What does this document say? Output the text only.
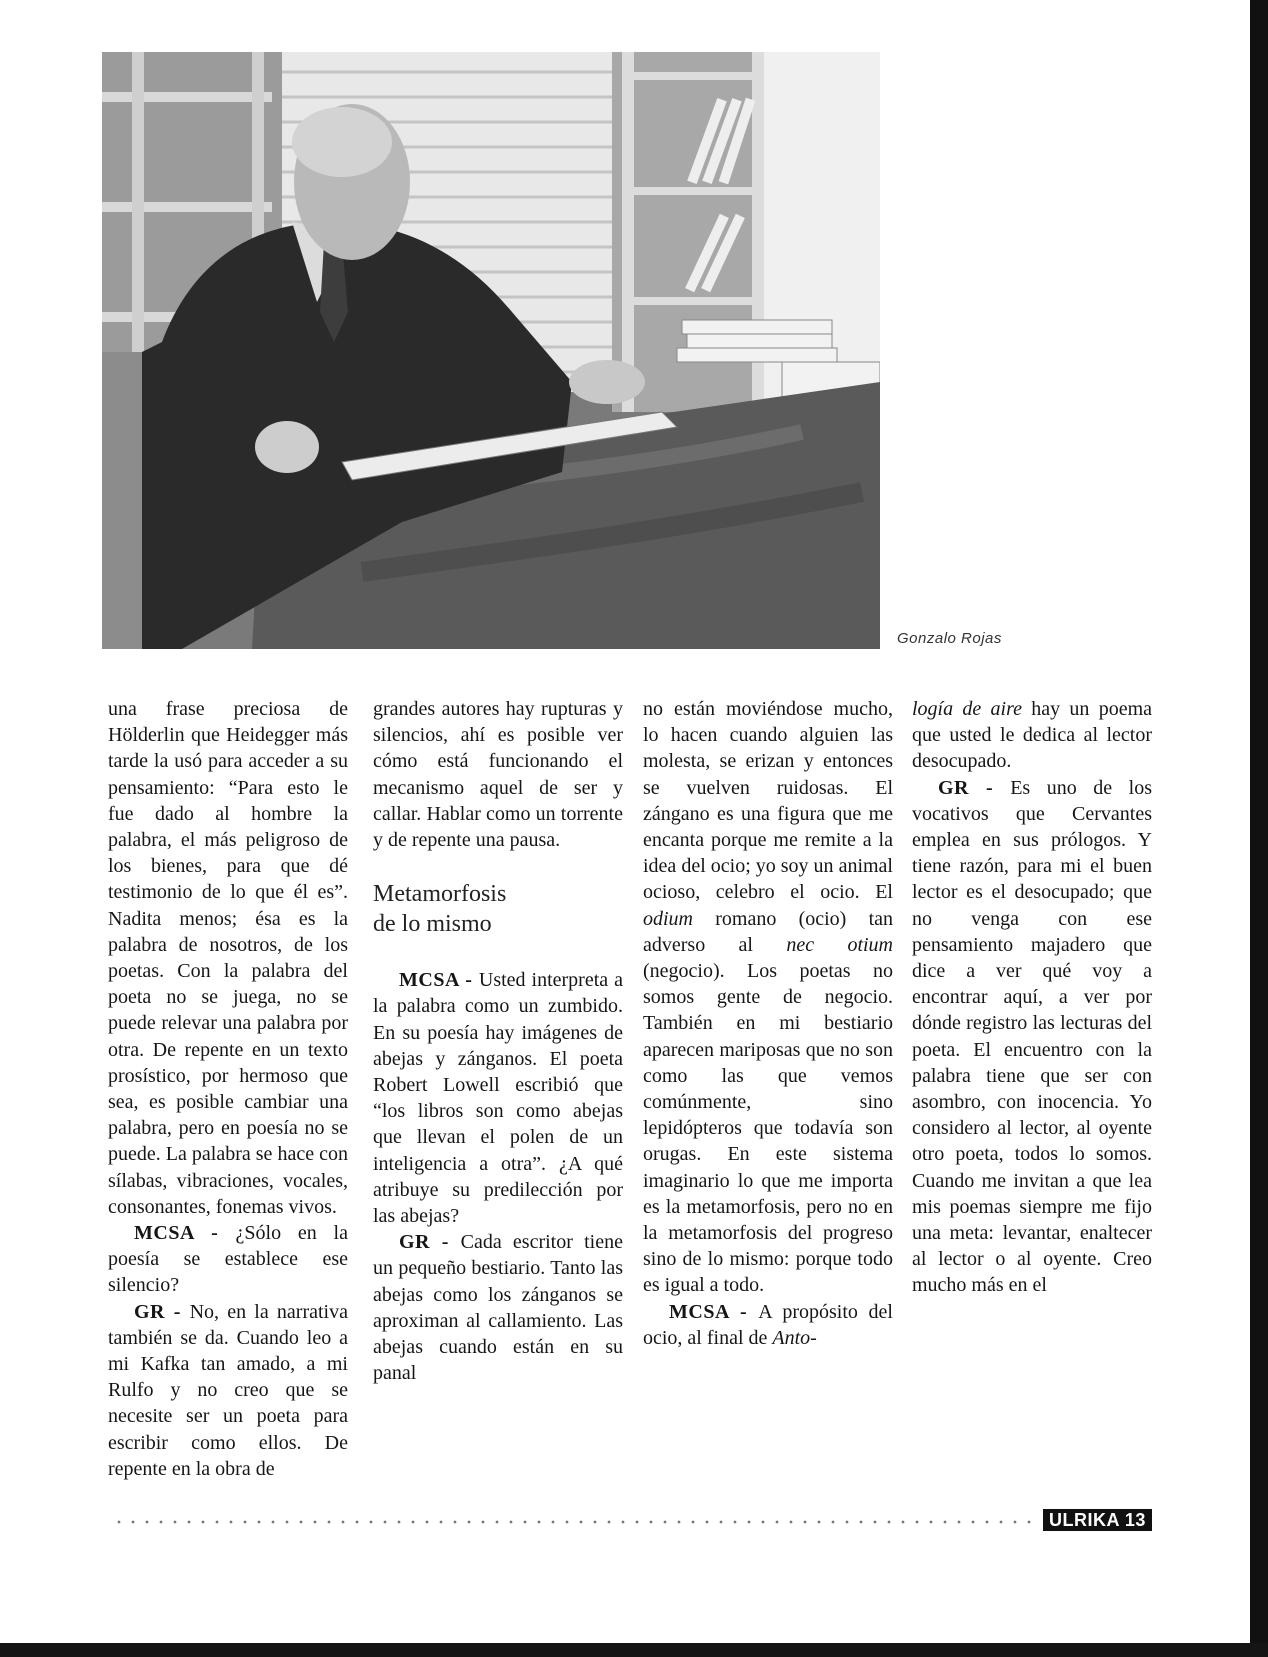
Gonzalo Rojas

una frase preciosa de Hölderlin que Heidegger más tarde la usó para acceder a su pensamiento: “Para esto le fue dado al hombre la palabra, el más peligroso de los bienes, para que dé testimonio de lo que él es”. Nadita menos; ésa es la palabra de nosotros, de los poetas. Con la palabra del poeta no se juega, no se puede relevar una palabra por otra. De repente en un texto prosístico, por hermoso que sea, es posible cambiar una palabra, pero en poesía no se puede. La palabra se hace con sílabas, vibraciones, vocales, consonantes, fonemas vivos.

MCSA - ¿Sólo en la poesía se establece ese silencio?

GR - No, en la narrativa también se da. Cuando leo a mi Kafka tan amado, a mi Rulfo y no creo que se necesite ser un poeta para escribir como ellos. De repente en la obra de

grandes autores hay rupturas y silencios, ahí es posible ver cómo está funcionando el mecanismo aquel de ser y callar. Hablar como un torrente y de repente una pausa.

Metamorfosis
de lo mismo

MCSA - Usted interpreta a la palabra como un zumbido. En su poesía hay imágenes de abejas y zánganos. El poeta Robert Lowell escribió que “los libros son como abejas que llevan el polen de un inteligencia a otra”. ¿A qué atribuye su predilección por las abejas?

GR - Cada escritor tiene un pequeño bestiario. Tanto las abejas como los zánganos se aproximan al callamiento. Las abejas cuando están en su panal

no están moviéndose mucho, lo hacen cuando alguien las molesta, se erizan y entonces se vuelven ruidosas. El zángano es una figura que me encanta porque me remite a la idea del ocio; yo soy un animal ocioso, celebro el ocio. El odium romano (ocio) tan adverso al nec otium (negocio). Los poetas no somos gente de negocio. También en mi bestiario aparecen mariposas que no son como las que vemos comúnmente, sino lepidópteros que todavía son orugas. En este sistema imaginario lo que me importa es la metamorfosis, pero no en la metamorfosis del progreso sino de lo mismo: porque todo es igual a todo.

MCSA - A propósito del ocio, al final de Anto-

logía de aire hay un poema que usted le dedica al lector desocupado.

GR - Es uno de los vocativos que Cervantes emplea en sus prólogos. Y tiene razón, para mi el buen lector es el desocupado; que no venga con ese pensamiento majadero que dice a ver qué voy a encontrar aquí, a ver por dónde registro las lecturas del poeta. El encuentro con la palabra tiene que ser con asombro, con inocencia. Yo considero al lector, al oyente otro poeta, todos lo somos. Cuando me invitan a que lea mis poemas siempre me fijo una meta: levantar, enaltecer al lector o al oyente. Creo mucho más en el

ULRIKA 13
